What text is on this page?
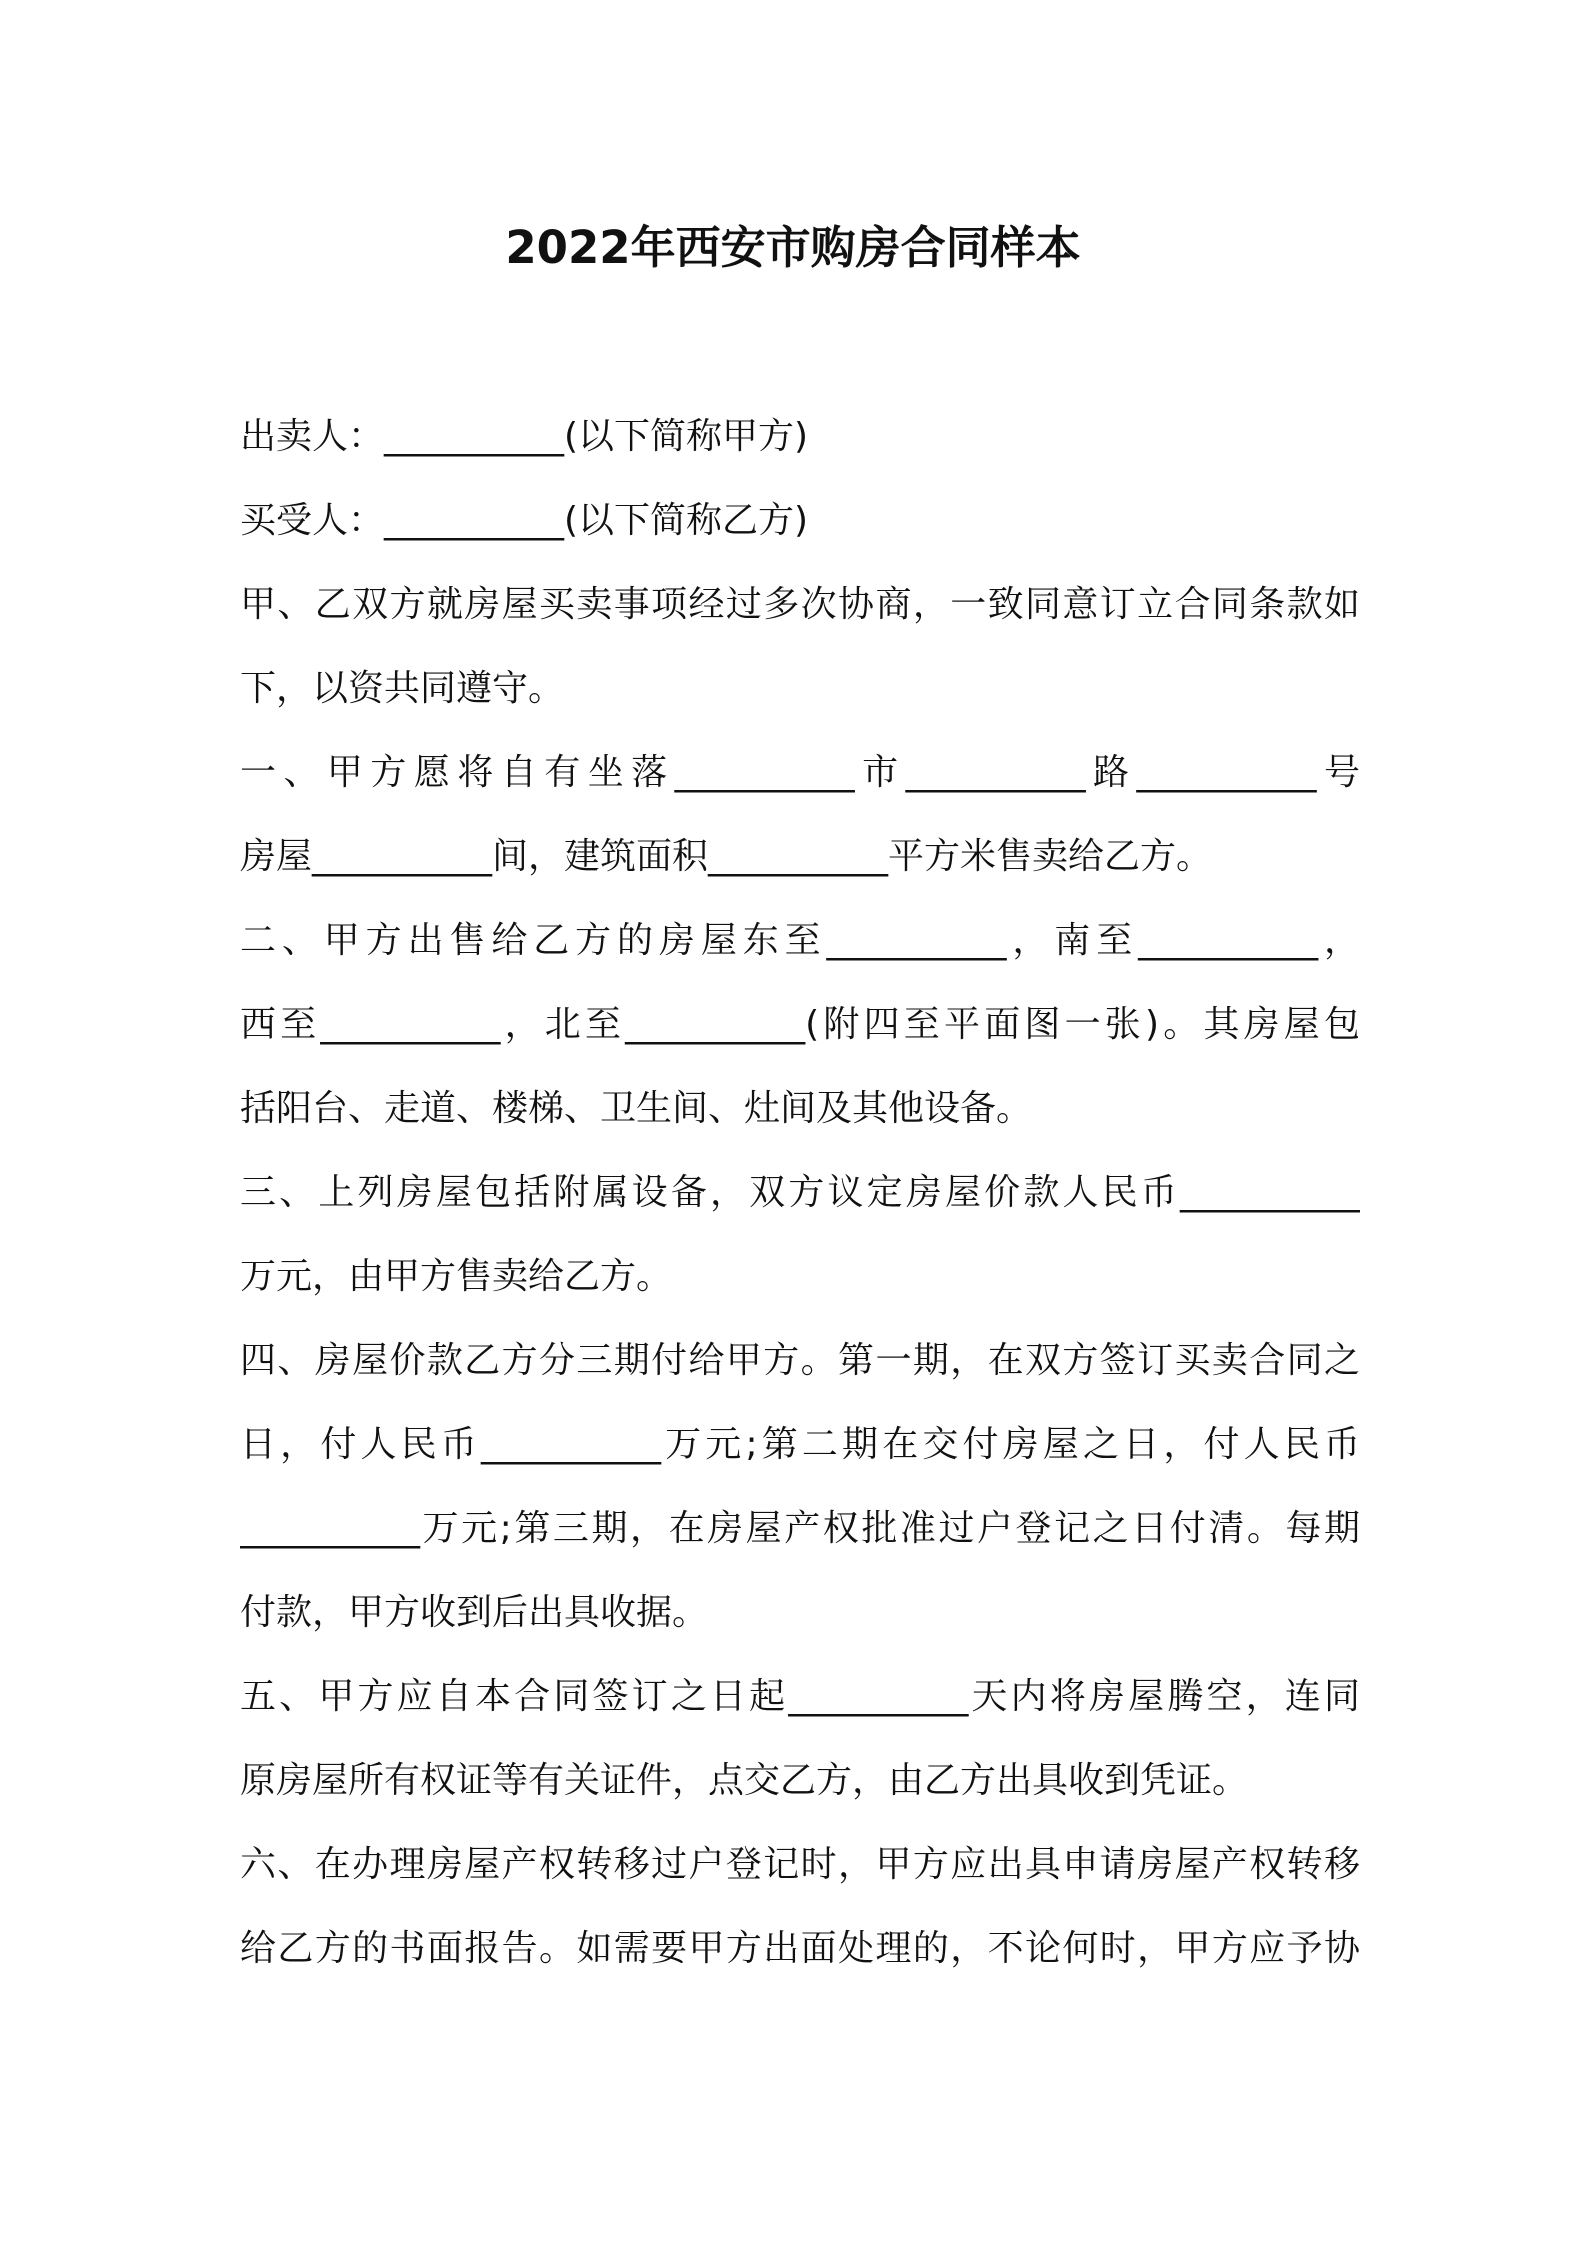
2022年西安市购房合同样本
出卖人：__________(以下简称甲方)
买受人：__________(以下简称乙方)
甲、乙双方就房屋买卖事项经过多次协商，一致同意订立合同条款如
下，以资共同遵守。
一、甲方愿将自有坐落__________市__________路__________号
房屋__________间，建筑面积__________平方米售卖给乙方。
二、甲方出售给乙方的房屋东至__________，南至__________，
西至__________，北至__________(附四至平面图一张)。其房屋包
括阳台、走道、楼梯、卫生间、灶间及其他设备。
三、上列房屋包括附属设备，双方议定房屋价款人民币__________
万元，由甲方售卖给乙方。
四、房屋价款乙方分三期付给甲方。第一期，在双方签订买卖合同之
日，付人民币__________万元;第二期在交付房屋之日，付人民币
__________万元;第三期，在房屋产权批准过户登记之日付清。每期
付款，甲方收到后出具收据。
五、甲方应自本合同签订之日起__________天内将房屋腾空，连同
原房屋所有权证等有关证件，点交乙方，由乙方出具收到凭证。
六、在办理房屋产权转移过户登记时，甲方应出具申请房屋产权转移
给乙方的书面报告。如需要甲方出面处理的，不论何时，甲方应予协
